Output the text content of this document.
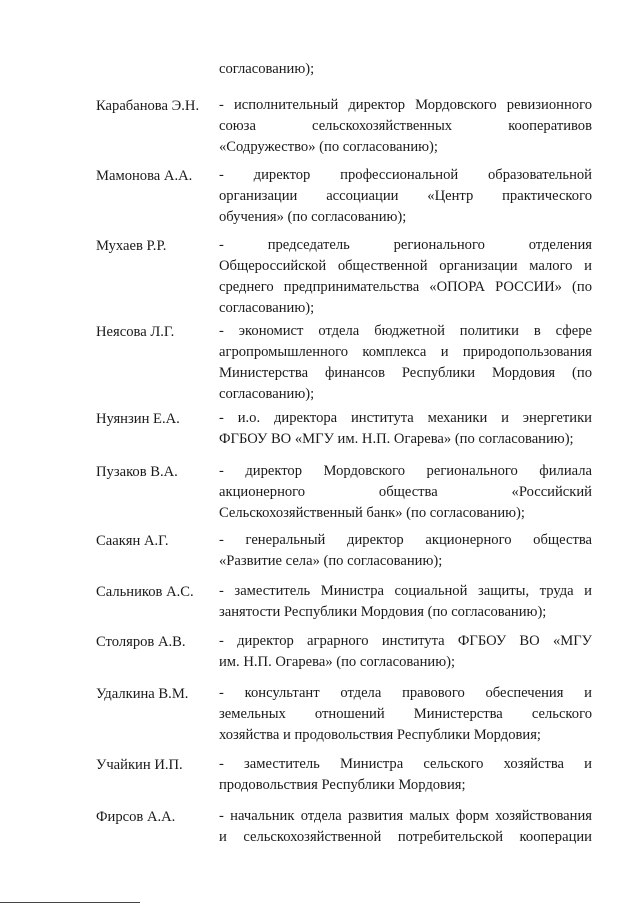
согласованию);
Карабанова Э.Н. - исполнительный директор Мордовского ревизионного
союза сельскохозяйственных кооперативов
«Содружество» (по согласованию);
Мамонова А.А. - директор профессиональной образовательной
организации ассоциации «Центр практического
обучения» (по согласованию);
Мухаев Р.Р.	- председатель регионального отделения
Общероссийской общественной организации малого и
среднего предпринимательства «ОПОРА РОССИИ» (по
согласованию);
Неясова Л.Г.	- экономист отдела бюджетной политики в сфере
агропромышленного комплекса и природопользования
Министерства финансов Республики Мордовия (по
согласованию);
Нуянзин Е.А.	- и.о. директора института механики и энергетики
ФГБОУ ВО «МГУ им. Н.П. Огарева» (по согласованию);
Пузаков В.А.	- директор Мордовского регионального филиала
акционерного общества «Российский
Сельскохозяйственный банк» (по согласованию);
Саакян А.Г.	- генеральный директор акционерного общества
«Развитие села» (по согласованию);
Сальников А.С. - заместитель Министра социальной защиты, труда и
занятости Республики Мордовия (по согласованию);
Столяров А.В. - директор аграрного института ФГБОУ ВО «МГУ
им. Н.П. Огарева» (по согласованию);
Удалкина В.М. - консультант отдела правового обеспечения и
земельных отношений Министерства сельского
хозяйства и продовольствия Республики Мордовия;
Учайкин И.П. - заместитель Министра сельского хозяйства и
продовольствия Республики Мордовия;
Фирсов А.А.	- начальник отдела развития малых форм хозяйствования
и сельскохозяйственной потребительской кооперации
